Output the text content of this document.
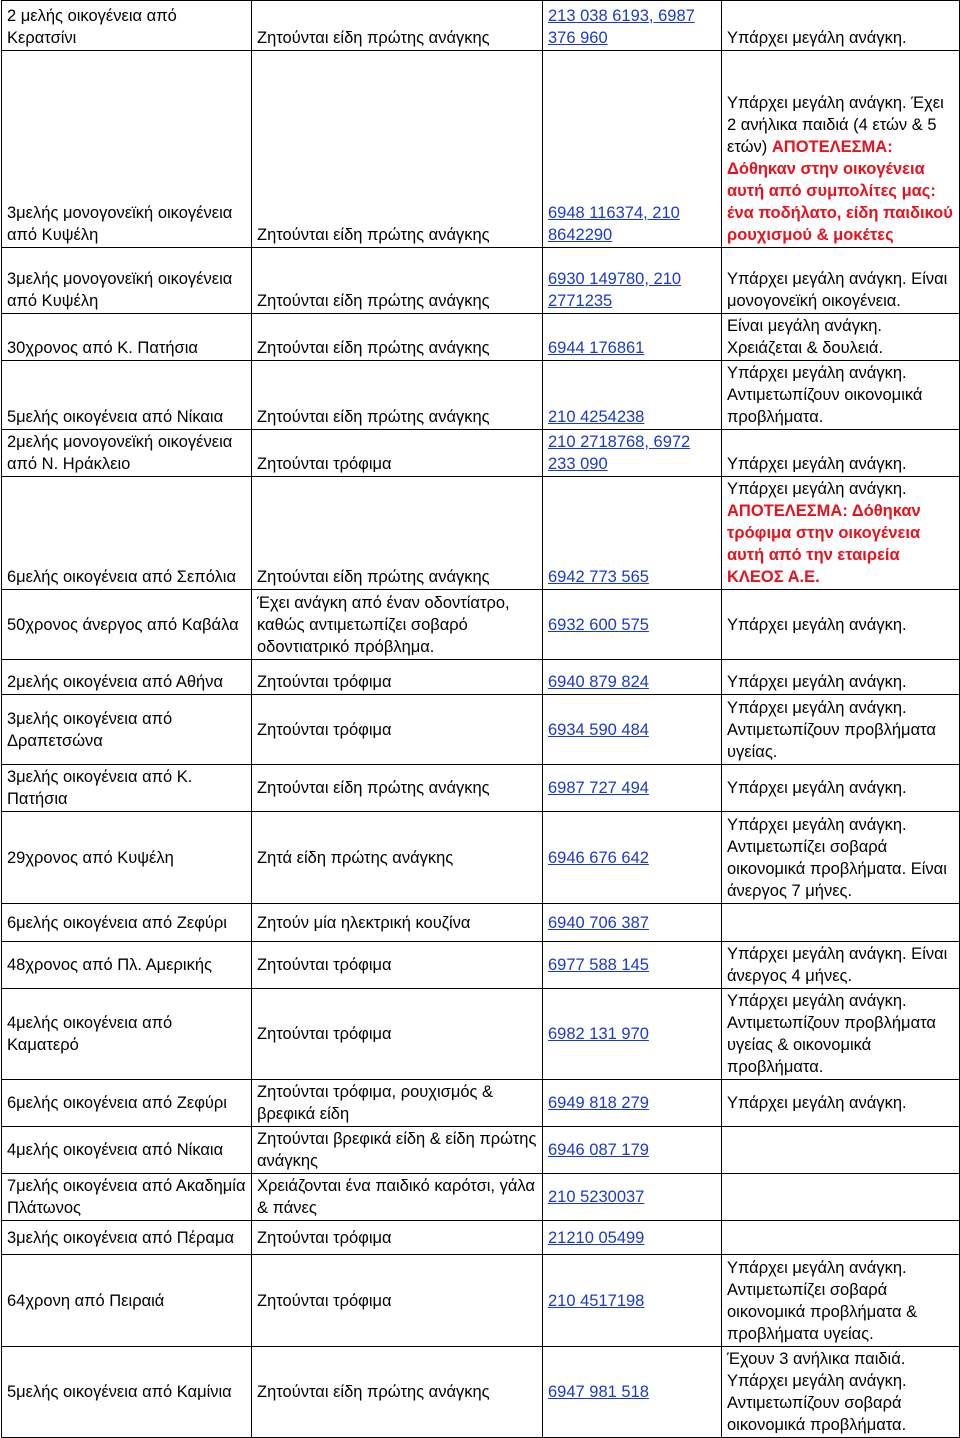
2 μελής οικογένεια από Κερατσίνι	Ζητούνται είδη πρώτης ανάγκης	213 038 6193, 6987 376 960	Υπάρχει μεγάλη ανάγκη.
3μελής μονογονεϊκή οικογένεια από Κυψέλη	Ζητούνται είδη πρώτης ανάγκης	6948 116374, 210 8642290	Υπάρχει μεγάλη ανάγκη. Έχει 2 ανήλικα παιδιά (4 ετών & 5 ετών) ΑΠΟΤΕΛΕΣΜΑ: Δόθηκαν στην οικογένεια αυτή από συμπολίτες μας: ένα ποδήλατο, είδη παιδικού ρουχισμού & μοκέτες
3μελής μονογονεϊκή οικογένεια από Κυψέλη	Ζητούνται είδη πρώτης ανάγκης	6930 149780, 210 2771235	Υπάρχει μεγάλη ανάγκη. Είναι μονογονεϊκή οικογένεια.
30χρονος από Κ. Πατήσια	Ζητούνται είδη πρώτης ανάγκης	6944 176861	Είναι μεγάλη ανάγκη. Χρειάζεται & δουλειά.
5μελής οικογένεια από Νίκαια	Ζητούνται είδη πρώτης ανάγκης	210 4254238	Υπάρχει μεγάλη ανάγκη. Αντιμετωπίζουν οικονομικά προβλήματα.
2μελής μονογονεϊκή οικογένεια από Ν. Ηράκλειο	Ζητούνται τρόφιμα	210 2718768, 6972 233 090	Υπάρχει μεγάλη ανάγκη.
6μελής οικογένεια από Σεπόλια	Ζητούνται είδη πρώτης ανάγκης	6942 773 565	Υπάρχει μεγάλη ανάγκη. ΑΠΟΤΕΛΕΣΜΑ: Δόθηκαν τρόφιμα στην οικογένεια αυτή από την εταιρεία ΚΛΕΟΣ Α.Ε.
50χρονος άνεργος από Καβάλα	Έχει ανάγκη από έναν οδοντίατρο, καθώς αντιμετωπίζει σοβαρό οδοντιατρικό πρόβλημα.	6932 600 575	Υπάρχει μεγάλη ανάγκη.
2μελής οικογένεια από Αθήνα	Ζητούνται τρόφιμα	6940 879 824	Υπάρχει μεγάλη ανάγκη.
3μελής οικογένεια από Δραπετσώνα	Ζητούνται τρόφιμα	6934 590 484	Υπάρχει μεγάλη ανάγκη. Αντιμετωπίζουν προβλήματα υγείας.
3μελής οικογένεια από Κ. Πατήσια	Ζητούνται είδη πρώτης ανάγκης	6987 727 494	Υπάρχει μεγάλη ανάγκη.
29χρονος από Κυψέλη	Ζητά είδη πρώτης ανάγκης	6946 676 642	Υπάρχει μεγάλη ανάγκη. Αντιμετωπίζει σοβαρά οικονομικά προβλήματα. Είναι άνεργος 7 μήνες.
6μελής οικογένεια από Ζεφύρι	Ζητούν μία ηλεκτρική κουζίνα	6940 706 387	
48χρονος από Πλ. Αμερικής	Ζητούνται τρόφιμα	6977 588 145	Υπάρχει μεγάλη ανάγκη. Είναι άνεργος 4 μήνες.
4μελής οικογένεια από Καματερό	Ζητούνται τρόφιμα	6982 131 970	Υπάρχει μεγάλη ανάγκη. Αντιμετωπίζουν προβλήματα υγείας & οικονομικά προβλήματα.
6μελής οικογένεια από Ζεφύρι	Ζητούνται τρόφιμα, ρουχισμός & βρεφικά είδη	6949 818 279	Υπάρχει μεγάλη ανάγκη.
4μελής οικογένεια από Νίκαια	Ζητούνται βρεφικά είδη & είδη πρώτης ανάγκης	6946 087 179	
7μελής οικογένεια από Ακαδημία Πλάτωνος	Χρειάζονται ένα παιδικό καρότσι, γάλα & πάνες	210 5230037	
3μελής οικογένεια από Πέραμα	Ζητούνται τρόφιμα	21210 05499	
64χρονη από Πειραιά	Ζητούνται τρόφιμα	210 4517198	Υπάρχει μεγάλη ανάγκη. Αντιμετωπίζει σοβαρά οικονομικά προβλήματα & προβλήματα υγείας.
5μελής οικογένεια από Καμίνια	Ζητούνται είδη πρώτης ανάγκης	6947 981 518	Έχουν 3 ανήλικα παιδιά. Υπάρχει μεγάλη ανάγκη. Αντιμετωπίζουν σοβαρά οικονομικά προβλήματα.
